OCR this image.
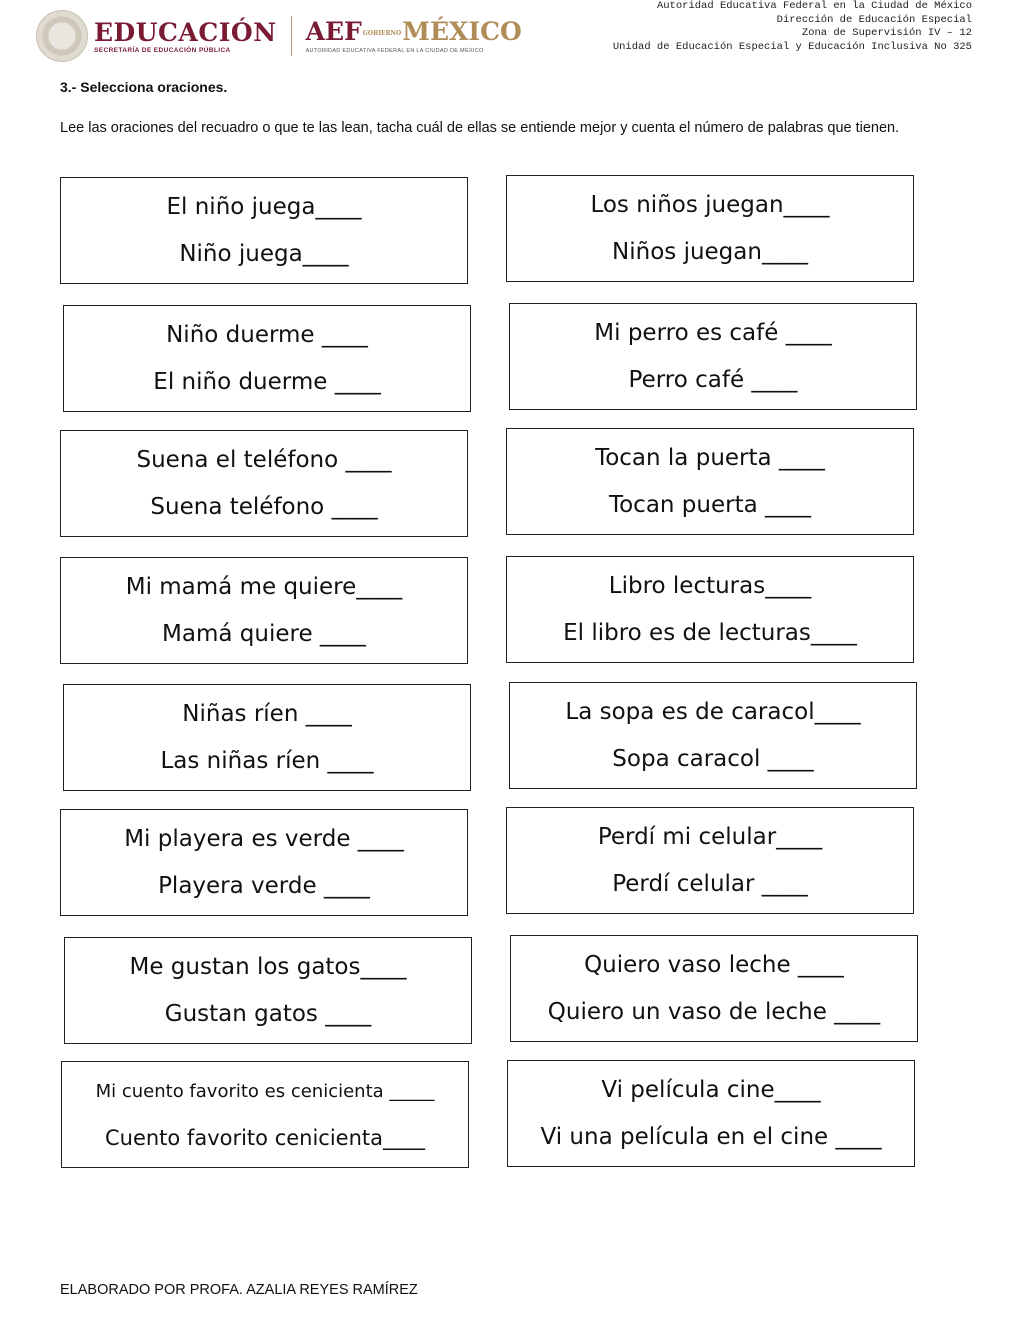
EDUCACIÓN
SECRETARÍA DE EDUCACIÓN PÚBLICA
AEFGOBIERNOMÉXICO
AUTORIDAD EDUCATIVA FEDERAL EN LA CIUDAD DE MÉXICO
Autoridad Educativa Federal en la Ciudad de México
Dirección de Educación Especial
Zona de Supervisión IV – 12
Unidad de Educación Especial y Educación Inclusiva No 325
3.- Selecciona oraciones.
Lee las oraciones del recuadro o que te las lean, tacha cuál de ellas se entiende mejor y cuenta el número de palabras que tienen.
El niño juega____
Niño juega____
Los niños juegan____
Niños juegan____
Niño duerme ____
El niño duerme ____
Mi perro es café ____
Perro café ____
Suena el teléfono ____
Suena teléfono ____
Tocan la puerta ____
Tocan puerta ____
Mi mamá me quiere____
Mamá quiere ____
Libro lecturas____
El libro es de lecturas____
Niñas ríen ____
Las niñas ríen ____
La sopa es de caracol____
Sopa caracol ____
Mi playera es verde ____
Playera verde ____
Perdí mi celular____
Perdí celular ____
Me gustan los gatos____
Gustan gatos ____
Quiero vaso leche ____
Quiero un vaso de leche ____
Mi cuento favorito es cenicienta _____
Cuento favorito cenicienta____
Vi película cine____
Vi una película en el cine ____
ELABORADO POR PROFA. AZALIA REYES RAMÍREZ
